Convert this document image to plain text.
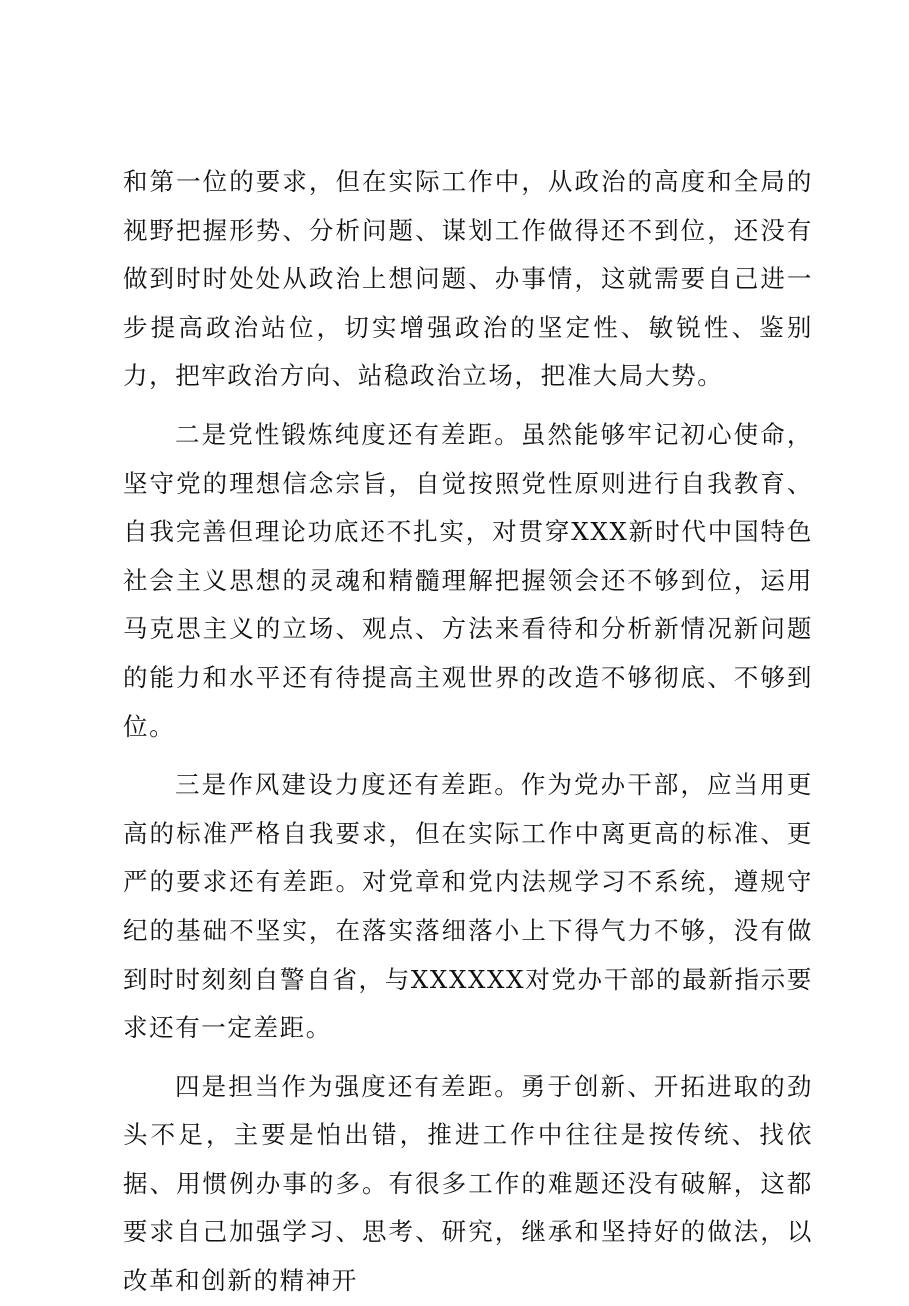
和第一位的要求，但在实际工作中，从政治的高度和全局的视野把握形势、分析问题、谋划工作做得还不到位，还没有做到时时处处从政治上想问题、办事情，这就需要自己进一步提高政治站位，切实增强政治的坚定性、敏锐性、鉴别力，把牢政治方向、站稳政治立场，把准大局大势。

二是党性锻炼纯度还有差距。虽然能够牢记初心使命，坚守党的理想信念宗旨，自觉按照党性原则进行自我教育、自我完善但理论功底还不扎实，对贯穿XXX新时代中国特色社会主义思想的灵魂和精髓理解把握领会还不够到位，运用马克思主义的立场、观点、方法来看待和分析新情况新问题的能力和水平还有待提高主观世界的改造不够彻底、不够到位。

三是作风建设力度还有差距。作为党办干部，应当用更高的标准严格自我要求，但在实际工作中离更高的标准、更严的要求还有差距。对党章和党内法规学习不系统，遵规守纪的基础不坚实，在落实落细落小上下得气力不够，没有做到时时刻刻自警自省，与XXXXXX对党办干部的最新指示要求还有一定差距。

四是担当作为强度还有差距。勇于创新、开拓进取的劲头不足，主要是怕出错，推进工作中往往是按传统、找依据、用惯例办事的多。有很多工作的难题还没有破解，这都要求自己加强学习、思考、研究，继承和坚持好的做法，以改革和创新的精神开
